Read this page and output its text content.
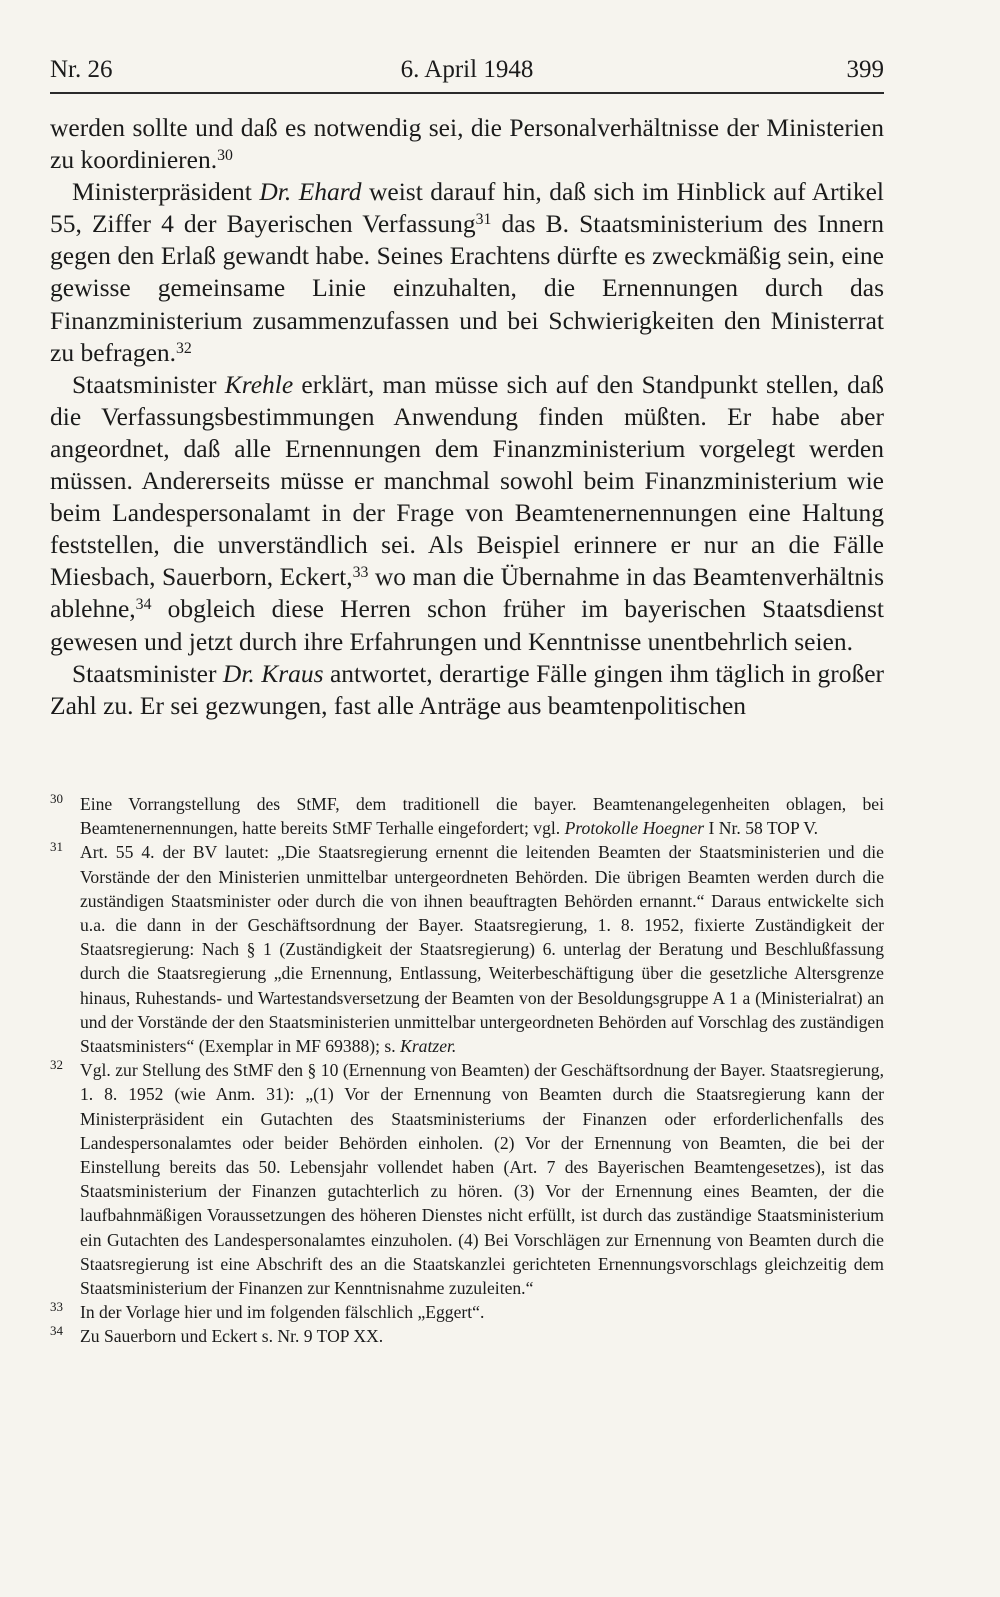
Nr. 26	6. April 1948	399

werden sollte und daß es notwendig sei, die Personalverhältnisse der Ministerien zu koordinieren.$^{30}$

Ministerpräsident Dr. Ehard weist darauf hin, daß sich im Hinblick auf Artikel 55, Ziffer 4 der Bayerischen Verfassung$^{31}$ das B. Staatsministerium des Innern gegen den Erlaß gewandt habe. Seines Erachtens dürfte es zweckmäßig sein, eine gewisse gemeinsame Linie einzuhalten, die Ernennungen durch das Finanzministerium zusammenzufassen und bei Schwierigkeiten den Ministerrat zu befragen.$^{32}$

Staatsminister Krehle erklärt, man müsse sich auf den Standpunkt stellen, daß die Verfassungsbestimmungen Anwendung finden müßten. Er habe aber angeordnet, daß alle Ernennungen dem Finanzministerium vorgelegt werden müssen. Andererseits müsse er manchmal sowohl beim Finanzministerium wie beim Landespersonalamt in der Frage von Beamtenernennungen eine Haltung feststellen, die unverständlich sei. Als Beispiel erinnere er nur an die Fälle Miesbach, Sauerborn, Eckert,$^{33}$ wo man die Übernahme in das Beamtenverhältnis ablehne,$^{34}$ obgleich diese Herren schon früher im bayerischen Staatsdienst gewesen und jetzt durch ihre Erfahrungen und Kenntnisse unentbehrlich seien.

Staatsminister Dr. Kraus antwortet, derartige Fälle gingen ihm täglich in großer Zahl zu. Er sei gezwungen, fast alle Anträge aus beamtenpolitischen

30 Eine Vorrangstellung des StMF, dem traditionell die bayer. Beamtenangelegenheiten oblagen, bei Beamtenernennungen, hatte bereits StMF Terhalle eingefordert; vgl. Protokolle Hoegner I Nr. 58 TOP V.

31 Art. 55 4. der BV lautet: „Die Staatsregierung ernennt die leitenden Beamten der Staatsministerien und die Vorstände der den Ministerien unmittelbar untergeordneten Behörden. Die übrigen Beamten werden durch die zuständigen Staatsminister oder durch die von ihnen beauftragten Behörden ernannt.“ Daraus entwickelte sich u.a. die dann in der Geschäftsordnung der Bayer. Staatsregierung, 1. 8. 1952, fixierte Zuständigkeit der Staatsregierung: Nach § 1 (Zuständigkeit der Staatsregierung) 6. unterlag der Beratung und Beschlußfassung durch die Staatsregierung „die Ernennung, Entlassung, Weiterbeschäftigung über die gesetzliche Altersgrenze hinaus, Ruhestands- und Wartestandsversetzung der Beamten von der Besoldungsgruppe A 1 a (Ministerialrat) an und der Vorstände der den Staatsministerien unmittelbar untergeordneten Behörden auf Vorschlag des zuständigen Staatsministers“ (Exemplar in MF 69388); s. Kratzer.

32 Vgl. zur Stellung des StMF den § 10 (Ernennung von Beamten) der Geschäftsordnung der Bayer. Staatsregierung, 1. 8. 1952 (wie Anm. 31): „(1) Vor der Ernennung von Beamten durch die Staatsregierung kann der Ministerpräsident ein Gutachten des Staatsministeriums der Finanzen oder erforderlichenfalls des Landespersonalamtes oder beider Behörden einholen. (2) Vor der Ernennung von Beamten, die bei der Einstellung bereits das 50. Lebensjahr vollendet haben (Art. 7 des Bayerischen Beamtengesetzes), ist das Staatsministerium der Finanzen gutachterlich zu hören. (3) Vor der Ernennung eines Beamten, der die laufbahnmäßigen Voraussetzungen des höheren Dienstes nicht erfüllt, ist durch das zuständige Staatsministerium ein Gutachten des Landespersonalamtes einzuholen. (4) Bei Vorschlägen zur Ernennung von Beamten durch die Staatsregierung ist eine Abschrift des an die Staatskanzlei gerichteten Ernennungsvorschlags gleichzeitig dem Staatsministerium der Finanzen zur Kenntnisnahme zuzuleiten.“

33 In der Vorlage hier und im folgenden fälschlich „Eggert“.

34 Zu Sauerborn und Eckert s. Nr. 9 TOP XX.
